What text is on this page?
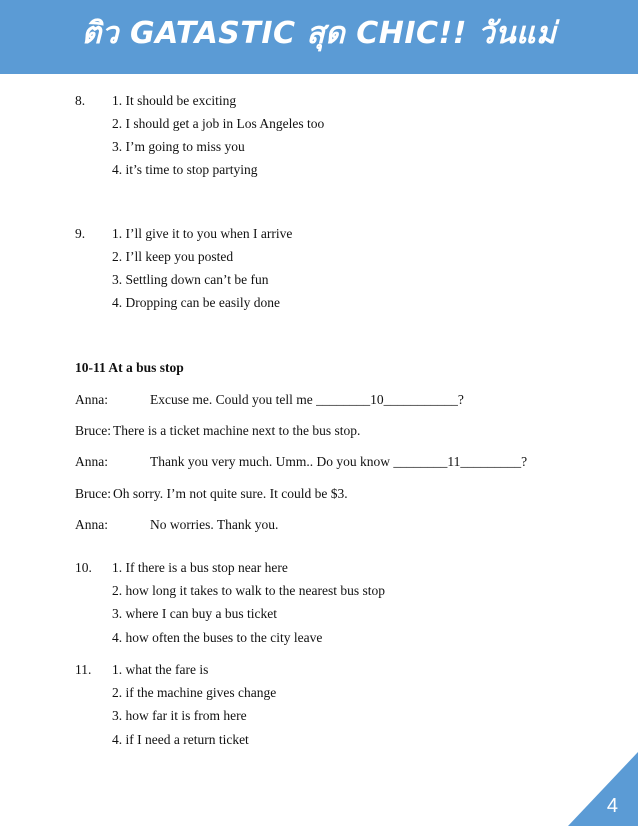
ติว GATASTIC สุด CHIC!! วันแม่
8. 1. It should be exciting
2. I should get a job in Los Angeles too
3. I’m going to miss you
4. it’s time to stop partying
9. 1. I’ll give it to you when I arrive
2. I’ll keep you posted
3. Settling down can’t be fun
4. Dropping can be easily done
10-11 At a bus stop
Anna:	Excuse me. Could you tell me ________10___________?
Bruce: There is a ticket machine next to the bus stop.
Anna:	Thank you very much. Umm.. Do you know ________11_________?
Bruce: Oh sorry. I’m not quite sure. It could be $3.
Anna:	No worries. Thank you.
10. 1. If there is a bus stop near here
2. how long it takes to walk to the nearest bus stop
3. where I can buy a bus ticket
4. how often the buses to the city leave
11. 1. what the fare is
2. if the machine gives change
3. how far it is from here
4. if I need a return ticket
4
